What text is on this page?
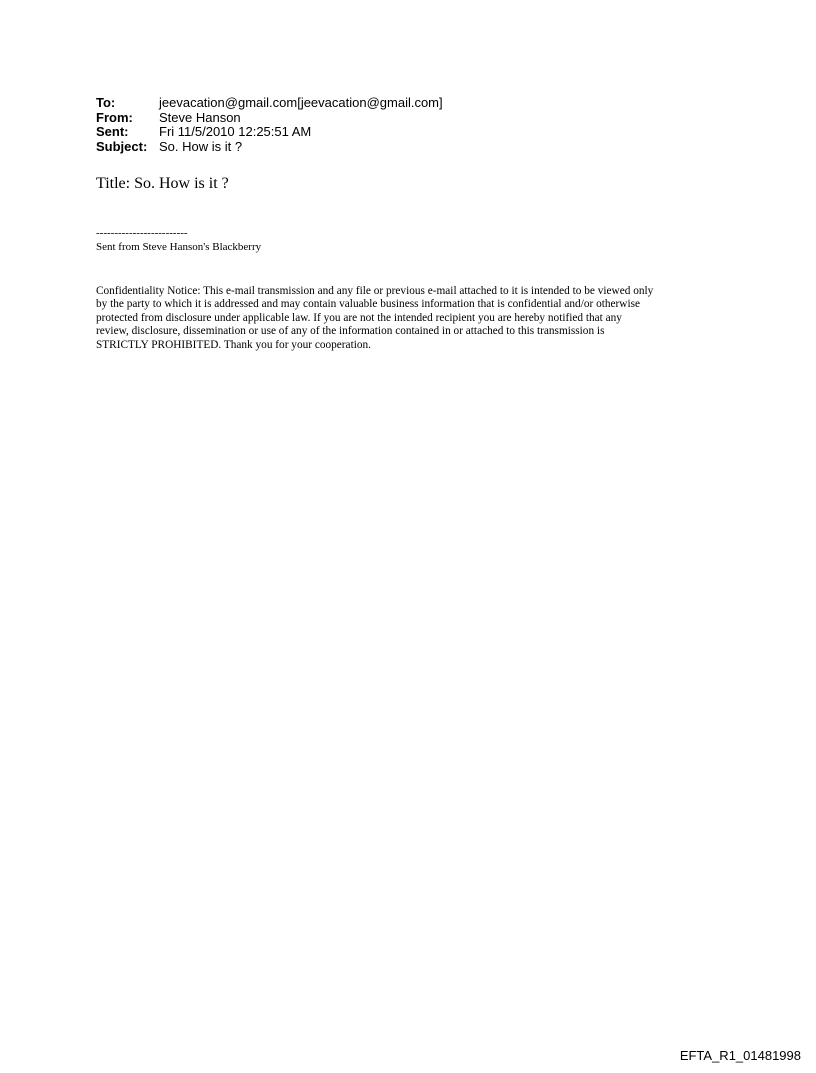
To:	jeevacation@gmail.com[jeevacation@gmail.com]
From:	Steve Hanson
Sent:	Fri 11/5/2010 12:25:51 AM
Subject: So. How is it ?
Title: So. How is it ?
-------------------------
Sent from Steve Hanson's Blackberry
Confidentiality Notice: This e-mail transmission and any file or previous e-mail attached to it is intended to be viewed only
by the party to which it is addressed and may contain valuable business information that is confidential and/or otherwise
protected from disclosure under applicable law. If you are not the intended recipient you are hereby notified that any
review, disclosure, dissemination or use of any of the information contained in or attached to this transmission is
STRICTLY PROHIBITED. Thank you for your cooperation.
EFTA_R1_01481998
